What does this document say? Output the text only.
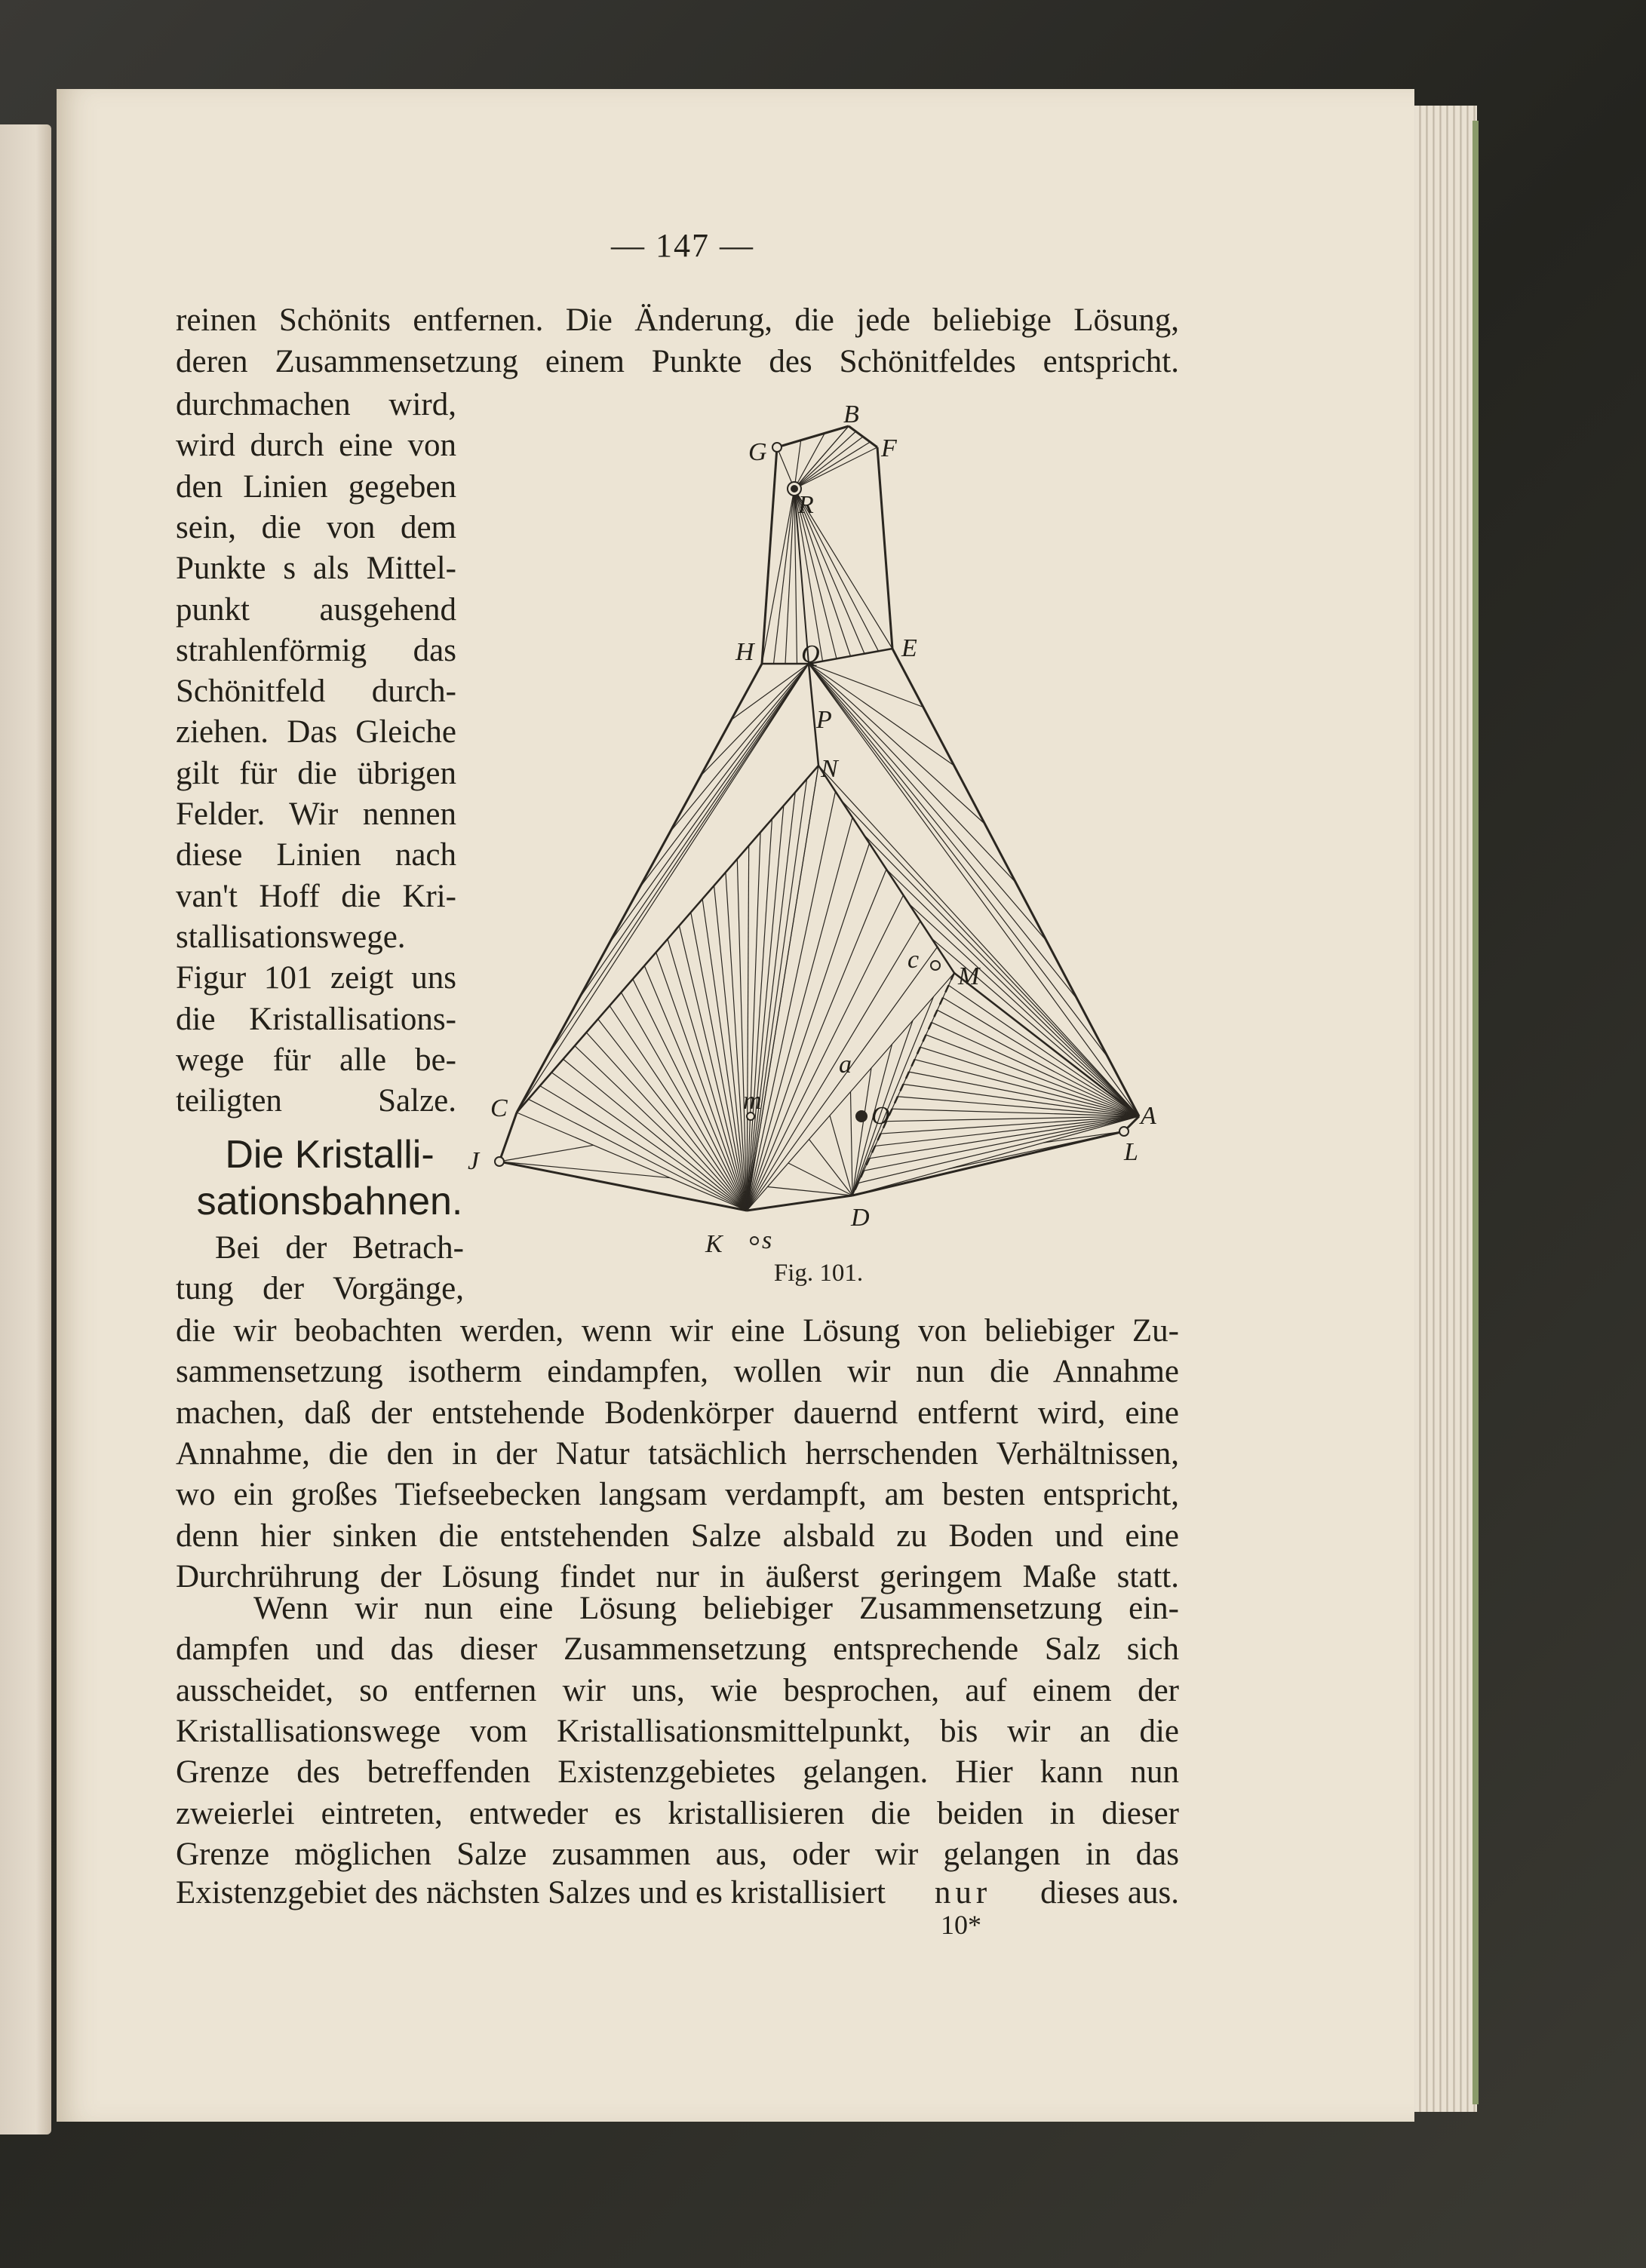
— 147 —
reinen Schönits entfernen. Die Änderung, die jede beliebige Lösung,
deren Zusammensetzung einem Punkte des Schönitfeldes entspricht.
durchmachen wird,
wird durch eine von
den Linien gegeben
sein, die von dem
Punkte s als Mittel-
punkt ausgehend
strahlenförmig das
Schönitfeld durch-
ziehen. Das Gleiche
gilt für die übrigen
Felder. Wir nennen
diese Linien nach
van't Hoff die Kri-
stallisationswege.
Figur 101 zeigt uns
die Kristallisations-
wege für alle be-
teiligten Salze.
Die Kristalli-
sationsbahnen.
Bei der Betrach-
tung der Vorgänge,
B
G	F
R
H Q	E
P
N
c
M
a
m
O
C
J
A
L
D
K s
Fig. 101.
die wir beobachten werden, wenn wir eine Lösung von beliebiger Zu-
sammensetzung isotherm eindampfen, wollen wir nun die Annahme
machen, daß der entstehende Bodenkörper dauernd entfernt wird, eine
Annahme, die den in der Natur tatsächlich herrschenden Verhältnissen,
wo ein großes Tiefseebecken langsam verdampft, am besten entspricht,
denn hier sinken die entstehenden Salze alsbald zu Boden und eine
Durchrührung der Lösung findet nur in äußerst geringem Maße statt.
Wenn wir nun eine Lösung beliebiger Zusammensetzung ein-
dampfen und das dieser Zusammensetzung entsprechende Salz sich
ausscheidet, so entfernen wir uns, wie besprochen, auf einem der
Kristallisationswege vom Kristallisationsmittelpunkt, bis wir an die
Grenze des betreffenden Existenzgebietes gelangen. Hier kann nun
zweierlei eintreten, entweder es kristallisieren die beiden in dieser
Grenze möglichen Salze zusammen aus, oder wir gelangen in das
Existenzgebiet des nächsten Salzes und es kristallisiert nur dieses aus.
10*
